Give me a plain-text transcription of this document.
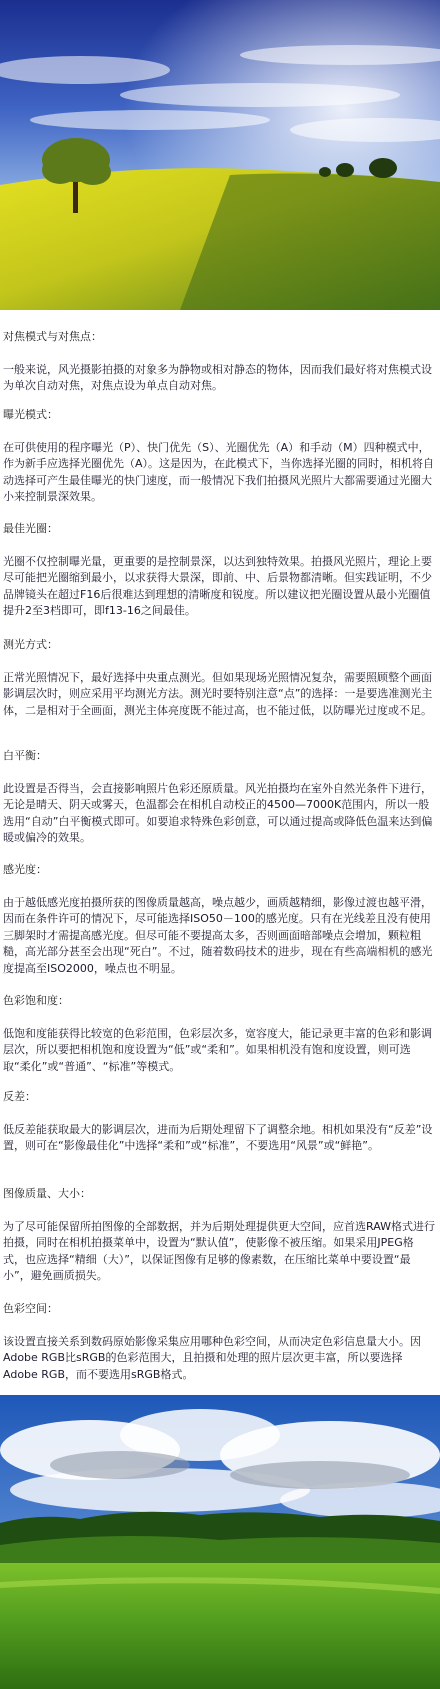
对焦模式与对焦点：
一般来说，风光摄影拍摄的对象多为静物或相对静态的物体，因而我们最好将对焦模式设为单次自动对焦，对焦点设为单点自动对焦。
曝光模式：
在可供使用的程序曝光（P）、快门优先（S）、光圈优先（A）和手动（M）四种模式中，作为新手应选择光圈优先（A）。这是因为，在此模式下，当你选择光圈的同时，相机将自动选择可产生最佳曝光的快门速度，而一般情况下我们拍摄风光照片大都需要通过光圈大小来控制景深效果。
最佳光圈：
光圈不仅控制曝光量，更重要的是控制景深，以达到独特效果。拍摄风光照片，理论上要尽可能把光圈缩到最小，以求获得大景深，即前、中、后景物都清晰。但实践证明，不少品牌镜头在超过F16后很难达到理想的清晰度和锐度。所以建议把光圈设置从最小光圈值提升2至3档即可，即f13-16之间最佳。
测光方式：
正常光照情况下，最好选择中央重点测光。但如果现场光照情况复杂，需要照顾整个画面影调层次时，则应采用平均测光方法。测光时要特别注意“点”的选择：一是要选准测光主体，二是相对于全画面，测光主体亮度既不能过高，也不能过低，以防曝光过度或不足。
白平衡：
此设置是否得当，会直接影响照片色彩还原质量。风光拍摄均在室外自然光条件下进行，无论是晴天、阴天或雾天，色温都会在相机自动校正的4500—7000K范围内，所以一般选用“自动”白平衡模式即可。如要追求特殊色彩创意，可以通过提高或降低色温来达到偏暖或偏冷的效果。
感光度：
由于越低感光度拍摄所获的图像质量越高，噪点越少，画质越精细，影像过渡也越平滑，因而在条件许可的情况下，尽可能选择ISO50－100的感光度。只有在光线差且没有使用三脚架时才需提高感光度。但尽可能不要提高太多，否则画面暗部噪点会增加，颗粒粗糙，高光部分甚至会出现“死白”。不过，随着数码技术的进步，现在有些高端相机的感光度提高至ISO2000，噪点也不明显。
色彩饱和度：
低饱和度能获得比较宽的色彩范围，色彩层次多，宽容度大，能记录更丰富的色彩和影调层次，所以要把相机饱和度设置为“低”或“柔和”。如果相机没有饱和度设置，则可选取“柔化”或“普通”、“标准”等模式。
反差：
低反差能获取最大的影调层次，进而为后期处理留下了调整余地。相机如果没有“反差”设置，则可在“影像最佳化”中选择“柔和”或“标准”，不要选用“风景”或“鲜艳”。
图像质量、大小：
为了尽可能保留所拍图像的全部数据，并为后期处理提供更大空间，应首选RAW格式进行拍摄，同时在相机拍摄菜单中，设置为“默认值”，使影像不被压缩。如果采用JPEG格式，也应选择“精细（大）”，以保证图像有足够的像素数，在压缩比菜单中要设置“最小”，避免画质损失。
色彩空间：
该设置直接关系到数码原始影像采集应用哪种色彩空间，从而决定色彩信息量大小。因Adobe RGB比sRGB的色彩范围大，且拍摄和处理的照片层次更丰富，所以要选择Adobe RGB，而不要选用sRGB格式。
